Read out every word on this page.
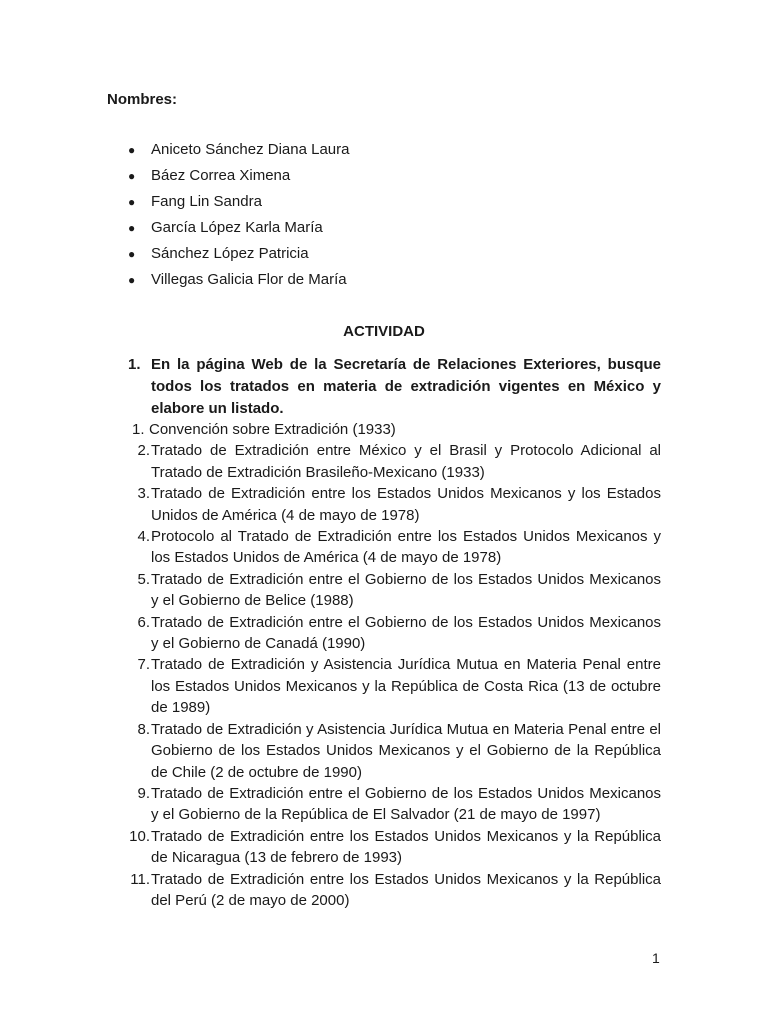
Nombres:

●	Aniceto Sánchez Diana Laura
●	Báez Correa Ximena
●	Fang Lin Sandra
●	García López Karla María
●	Sánchez López Patricia
●	Villegas Galicia Flor de María

ACTIVIDAD

1. En la página Web de la Secretaría de Relaciones Exteriores, busque todos los tratados en materia de extradición vigentes en México y elabore un listado.
1. Convención sobre Extradición (1933)
2. Tratado de Extradición entre México y el Brasil y Protocolo Adicional al Tratado de Extradición Brasileño-Mexicano (1933)
3. Tratado de Extradición entre los Estados Unidos Mexicanos y los Estados Unidos de América (4 de mayo de 1978)
4. Protocolo al Tratado de Extradición entre los Estados Unidos Mexicanos y los Estados Unidos de América (4 de mayo de 1978)
5. Tratado de Extradición entre el Gobierno de los Estados Unidos Mexicanos y el Gobierno de Belice (1988)
6. Tratado de Extradición entre el Gobierno de los Estados Unidos Mexicanos y el Gobierno de Canadá (1990)
7. Tratado de Extradición y Asistencia Jurídica Mutua en Materia Penal entre los Estados Unidos Mexicanos y la República de Costa Rica (13 de octubre de 1989)
8. Tratado de Extradición y Asistencia Jurídica Mutua en Materia Penal entre el Gobierno de los Estados Unidos Mexicanos y el Gobierno de la República de Chile (2 de octubre de 1990)
9. Tratado de Extradición entre el Gobierno de los Estados Unidos Mexicanos y el Gobierno de la República de El Salvador (21 de mayo de 1997)
10. Tratado de Extradición entre los Estados Unidos Mexicanos y la República de Nicaragua (13 de febrero de 1993)
11. Tratado de Extradición entre los Estados Unidos Mexicanos y la República del Perú (2 de mayo de 2000)
1
